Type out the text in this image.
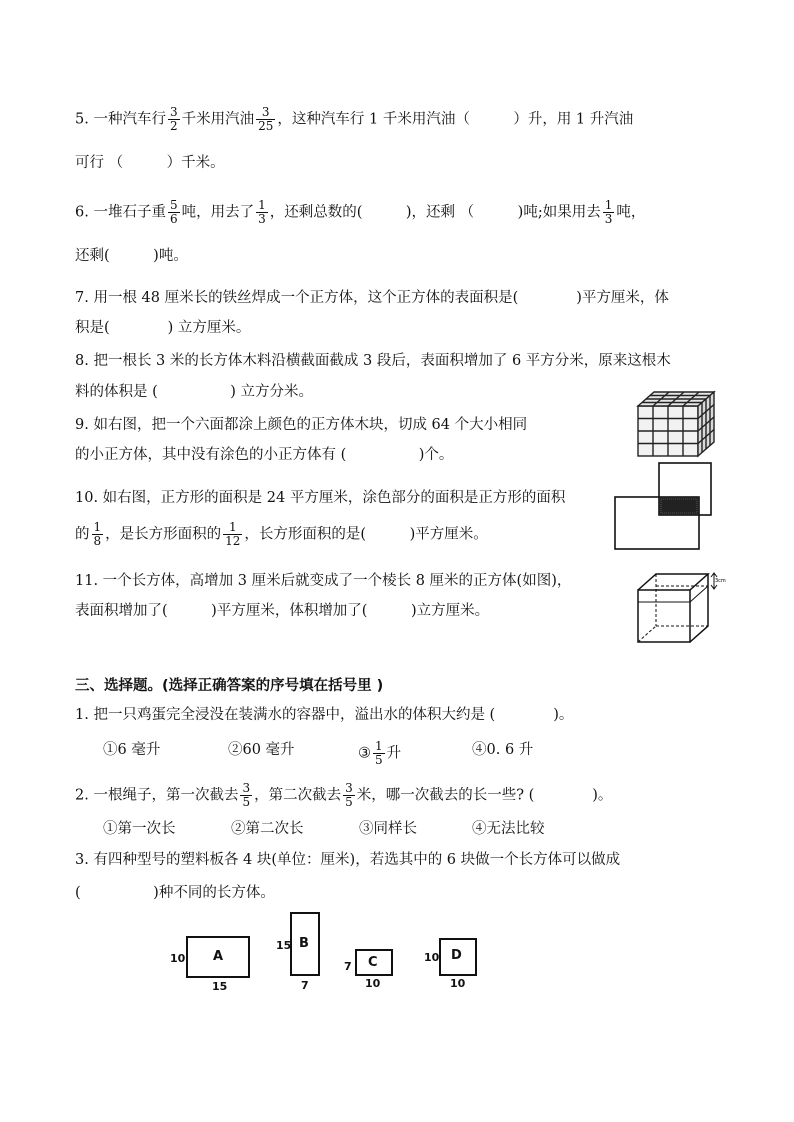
5. 一种汽车行 $\frac{3}{2}$ 千米用汽油 $\frac{3}{25}$ ，这种汽车行 1 千米用汽油（　　　）升，用 1 升汽油
可行 （　　　）千米。
6. 一堆石子重 $\frac{5}{6}$ 吨，用去了 $\frac{1}{3}$ ，还剩总数的(　　　)，还剩 （　　　)吨;如果用去 $\frac{1}{3}$ 吨，
还剩(　　　)吨。
7. 用一根 48 厘米长的铁丝焊成一个正方体，这个正方体的表面积是(　　　　)平方厘米，体
积是(　　　　) 立方厘米。
8. 把一根长 3 米的长方体木料沿横截面截成 3 段后，表面积增加了 6 平方分米，原来这根木
料的体积是 (　　　　　) 立方分米。
9. 如右图，把一个六面都涂上颜色的正方体木块，切成 64 个大小相同
的小正方体，其中没有涂色的小正方体有 (　　　　　)个。
10. 如右图，正方形的面积是 24 平方厘米，涂色部分的面积是正方形的面积
的 $\frac{1}{8}$ ，是长方形面积的 $\frac{1}{12}$ ，长方形面积的是(　　　)平方厘米。
11. 一个长方体，高增加 3 厘米后就变成了一个棱长 8 厘米的正方体(如图)，
表面积增加了(　　　)平方厘米，体积增加了(　　　)立方厘米。
3cm
三、选择题。(选择正确答案的序号填在括号里 )
1. 把一只鸡蛋完全浸没在装满水的容器中，溢出水的体积大约是 (　　　　)。
①6 毫升	②60 毫升	③ $\frac{1}{5}$ 升	④0. 6 升
2. 一根绳子，第一次截去 $\frac{3}{5}$ ，第二次截去 $\frac{3}{5}$ 米，哪一次截去的长一些? (　　　　)。
①第一次长	②第二次长	③同样长	④无法比较
3. 有四种型号的塑料板各 4 块(单位：厘米)，若选其中的 6 块做一个长方体可以做成
(　　　　　)种不同的长方体。
A
10
15
B
15
7
C
7
10
D
10
10
